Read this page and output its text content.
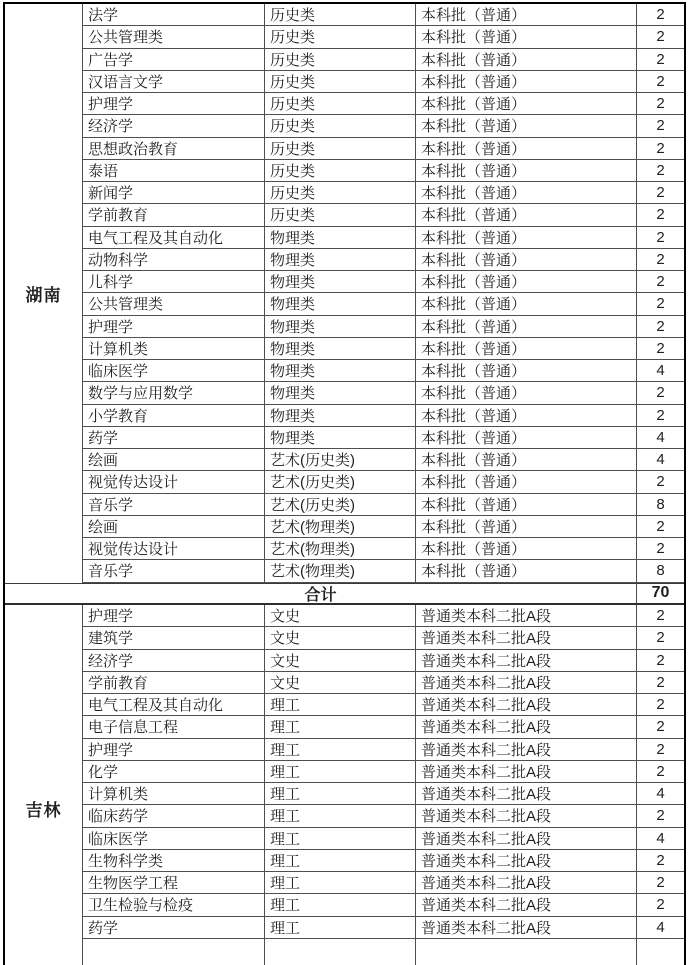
湖南
法学	历史类	本科批（普通）	2
公共管理类	历史类	本科批（普通）	2
广告学	历史类	本科批（普通）	2
汉语言文学	历史类	本科批（普通）	2
护理学	历史类	本科批（普通）	2
经济学	历史类	本科批（普通）	2
思想政治教育	历史类	本科批（普通）	2
泰语	历史类	本科批（普通）	2
新闻学	历史类	本科批（普通）	2
学前教育	历史类	本科批（普通）	2
电气工程及其自动化	物理类	本科批（普通）	2
动物科学	物理类	本科批（普通）	2
儿科学	物理类	本科批（普通）	2
公共管理类	物理类	本科批（普通）	2
护理学	物理类	本科批（普通）	2
计算机类	物理类	本科批（普通）	2
临床医学	物理类	本科批（普通）	4
数学与应用数学	物理类	本科批（普通）	2
小学教育	物理类	本科批（普通）	2
药学	物理类	本科批（普通）	4
绘画	艺术(历史类)	本科批（普通）	4
视觉传达设计	艺术(历史类)	本科批（普通）	2
音乐学	艺术(历史类)	本科批（普通）	8
绘画	艺术(物理类)	本科批（普通）	2
视觉传达设计	艺术(物理类)	本科批（普通）	2
音乐学	艺术(物理类)	本科批（普通）	8
合计	70
吉林
护理学	文史	普通类本科二批A段	2
建筑学	文史	普通类本科二批A段	2
经济学	文史	普通类本科二批A段	2
学前教育	文史	普通类本科二批A段	2
电气工程及其自动化	理工	普通类本科二批A段	2
电子信息工程	理工	普通类本科二批A段	2
护理学	理工	普通类本科二批A段	2
化学	理工	普通类本科二批A段	2
计算机类	理工	普通类本科二批A段	4
临床药学	理工	普通类本科二批A段	2
临床医学	理工	普通类本科二批A段	4
生物科学类	理工	普通类本科二批A段	2
生物医学工程	理工	普通类本科二批A段	2
卫生检验与检疫	理工	普通类本科二批A段	2
药学	理工	普通类本科二批A段	4
